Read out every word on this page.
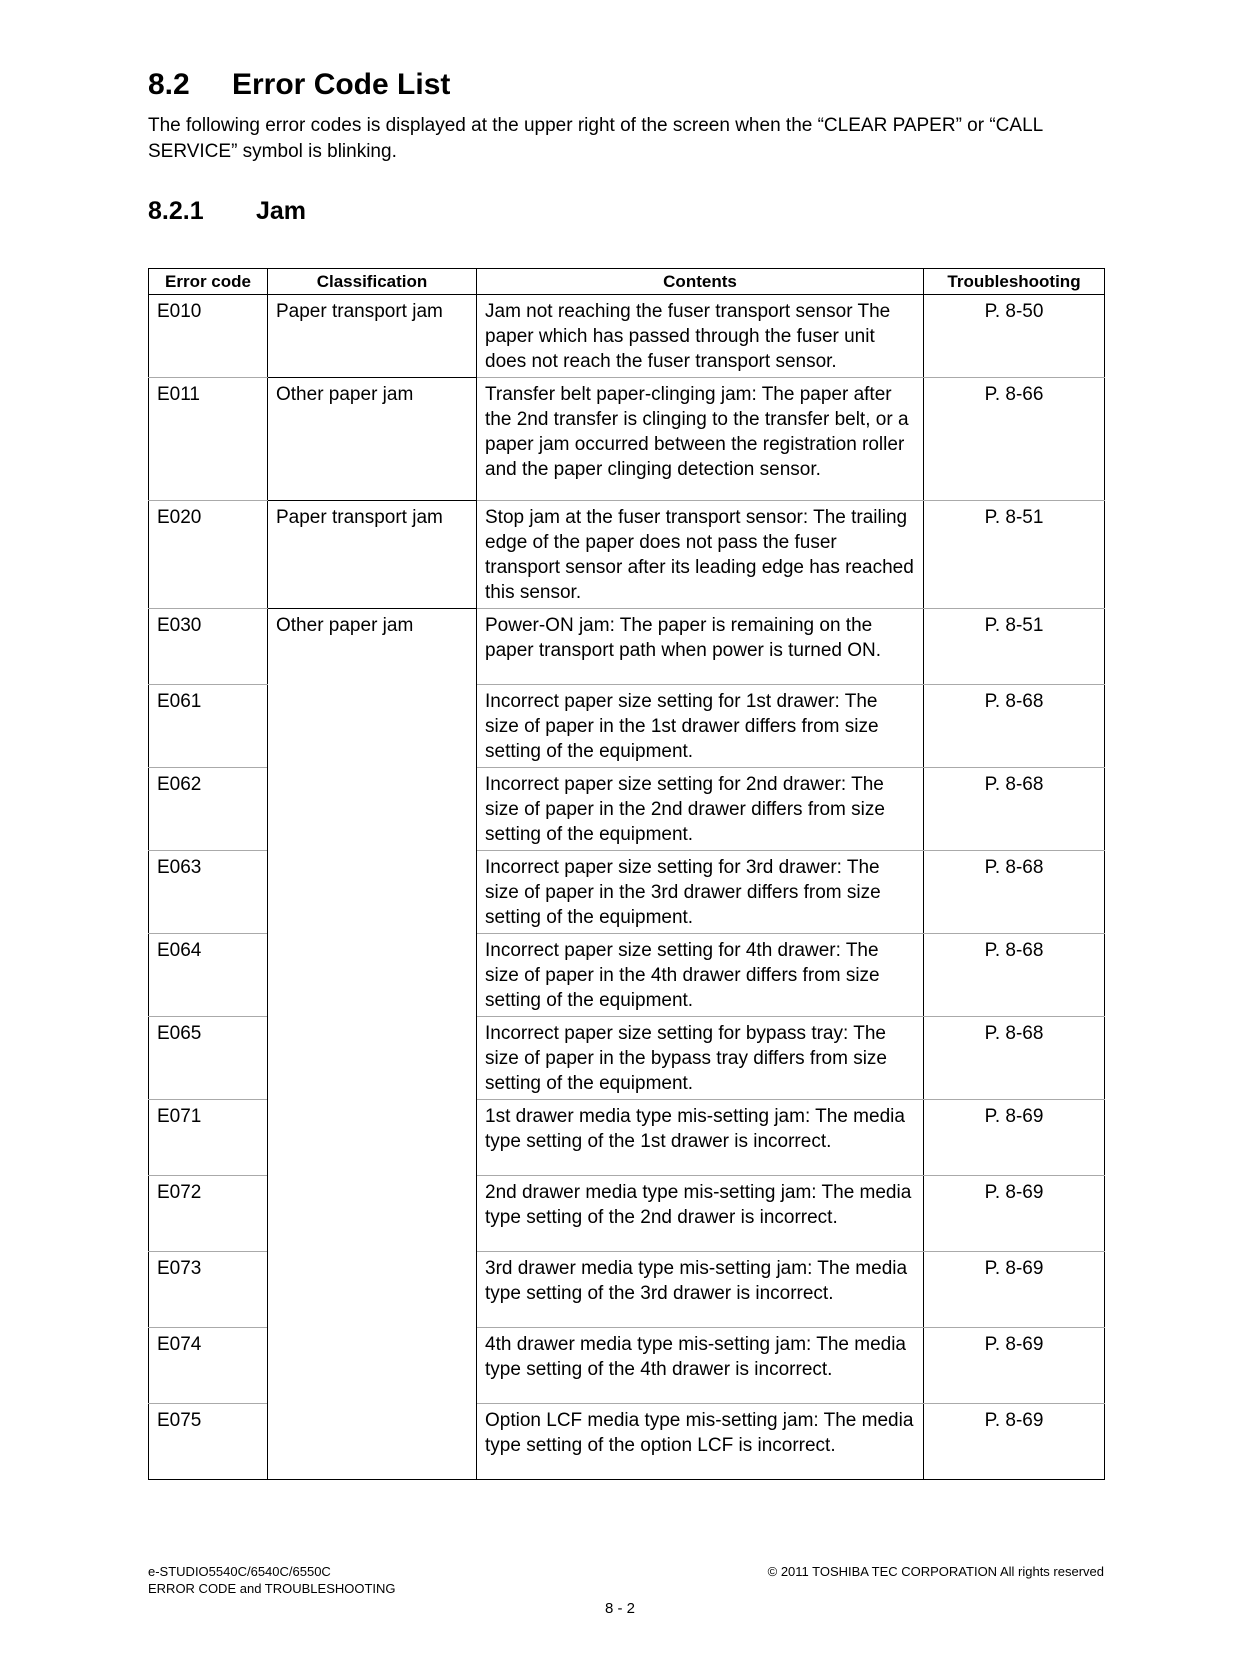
8.2 Error Code List

The following error codes is displayed at the upper right of the screen when the “CLEAR PAPER” or “CALL SERVICE” symbol is blinking.

8.2.1 Jam
Error code	Classification	Contents	Troubleshooting
E010	Paper transport jam	Jam not reaching the fuser transport sensor The paper which has passed through the fuser unit does not reach the fuser transport sensor.	P. 8-50
E011	Other paper jam	Transfer belt paper-clinging jam: The paper after the 2nd transfer is clinging to the transfer belt, or a paper jam occurred between the registration roller and the paper clinging detection sensor.	P. 8-66
E020	Paper transport jam	Stop jam at the fuser transport sensor: The trailing edge of the paper does not pass the fuser transport sensor after its leading edge has reached this sensor.	P. 8-51
E030	Other paper jam	Power-ON jam: The paper is remaining on the paper transport path when power is turned ON.	P. 8-51
E061		Incorrect paper size setting for 1st drawer: The size of paper in the 1st drawer differs from size setting of the equipment.	P. 8-68
E062		Incorrect paper size setting for 2nd drawer: The size of paper in the 2nd drawer differs from size setting of the equipment.	P. 8-68
E063		Incorrect paper size setting for 3rd drawer: The size of paper in the 3rd drawer differs from size setting of the equipment.	P. 8-68
E064		Incorrect paper size setting for 4th drawer: The size of paper in the 4th drawer differs from size setting of the equipment.	P. 8-68
E065		Incorrect paper size setting for bypass tray: The size of paper in the bypass tray differs from size setting of the equipment.	P. 8-68
E071		1st drawer media type mis-setting jam: The media type setting of the 1st drawer is incorrect.	P. 8-69
E072		2nd drawer media type mis-setting jam: The media type setting of the 2nd drawer is incorrect.	P. 8-69
E073		3rd drawer media type mis-setting jam: The media type setting of the 3rd drawer is incorrect.	P. 8-69
E074		4th drawer media type mis-setting jam: The media type setting of the 4th drawer is incorrect.	P. 8-69
E075		Option LCF media type mis-setting jam: The media type setting of the option LCF is incorrect.	P. 8-69
e-STUDIO5540C/6540C/6550C
ERROR CODE and TROUBLESHOOTING
© 2011 TOSHIBA TEC CORPORATION All rights reserved
8 - 2
